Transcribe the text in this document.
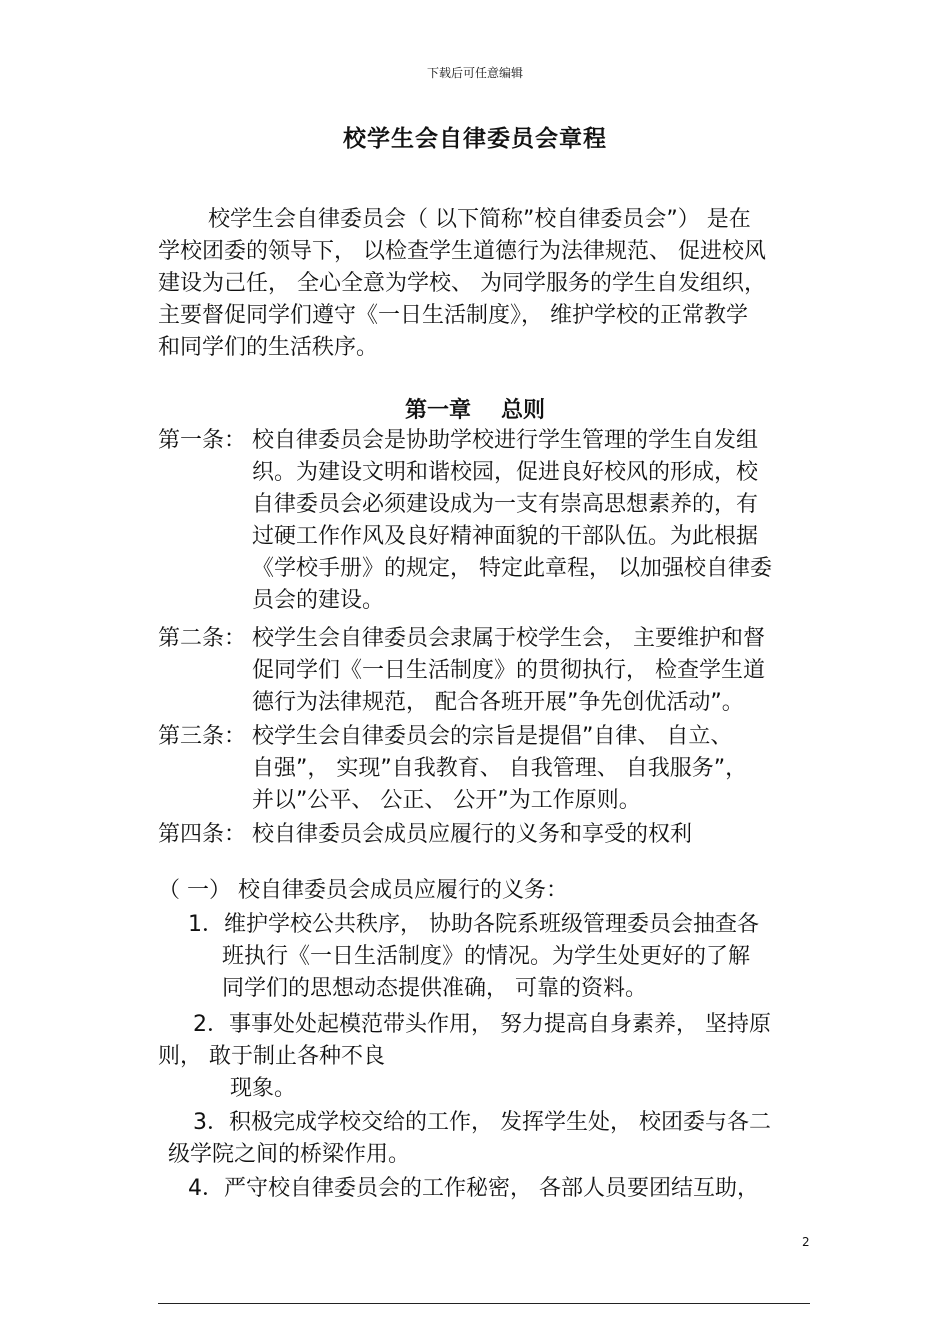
下载后可任意编辑
校学生会自律委员会章程
校学生会自律委员会（ 以下简称”校自律委员会”） 是在
学校团委的领导下， 以检查学生道德行为法律规范、 促进校风
建设为己任， 全心全意为学校、 为同学服务的学生自发组织，
主要督促同学们遵守《一日生活制度》， 维护学校的正常教学
和同学们的生活秩序。
第一章 总则
第一条： 校自律委员会是协助学校进行学生管理的学生自发组
织。为建设文明和谐校园，促进良好校风的形成，校
自律委员会必须建设成为一支有崇高思想素养的，有
过硬工作作风及良好精神面貌的干部队伍。为此根据
《学校手册》的规定， 特定此章程， 以加强校自律委
员会的建设。
第二条： 校学生会自律委员会隶属于校学生会， 主要维护和督
促同学们《一日生活制度》的贯彻执行， 检查学生道
德行为法律规范， 配合各班开展”争先创优活动”。
第三条： 校学生会自律委员会的宗旨是提倡”自律、 自立、
自强”， 实现”自我教育、 自我管理、 自我服务”，
并以”公平、 公正、 公开”为工作原则。
第四条： 校自律委员会成员应履行的义务和享受的权利
（ 一） 校自律委员会成员应履行的义务：
1．维护学校公共秩序， 协助各院系班级管理委员会抽查各
班执行《一日生活制度》的情况。为学生处更好的了解
同学们的思想动态提供准确， 可靠的资料。
2．事事处处起模范带头作用， 努力提高自身素养， 坚持原
则， 敢于制止各种不良
现象。
3．积极完成学校交给的工作， 发挥学生处， 校团委与各二
级学院之间的桥梁作用。
4．严守校自律委员会的工作秘密， 各部人员要团结互助，
2
